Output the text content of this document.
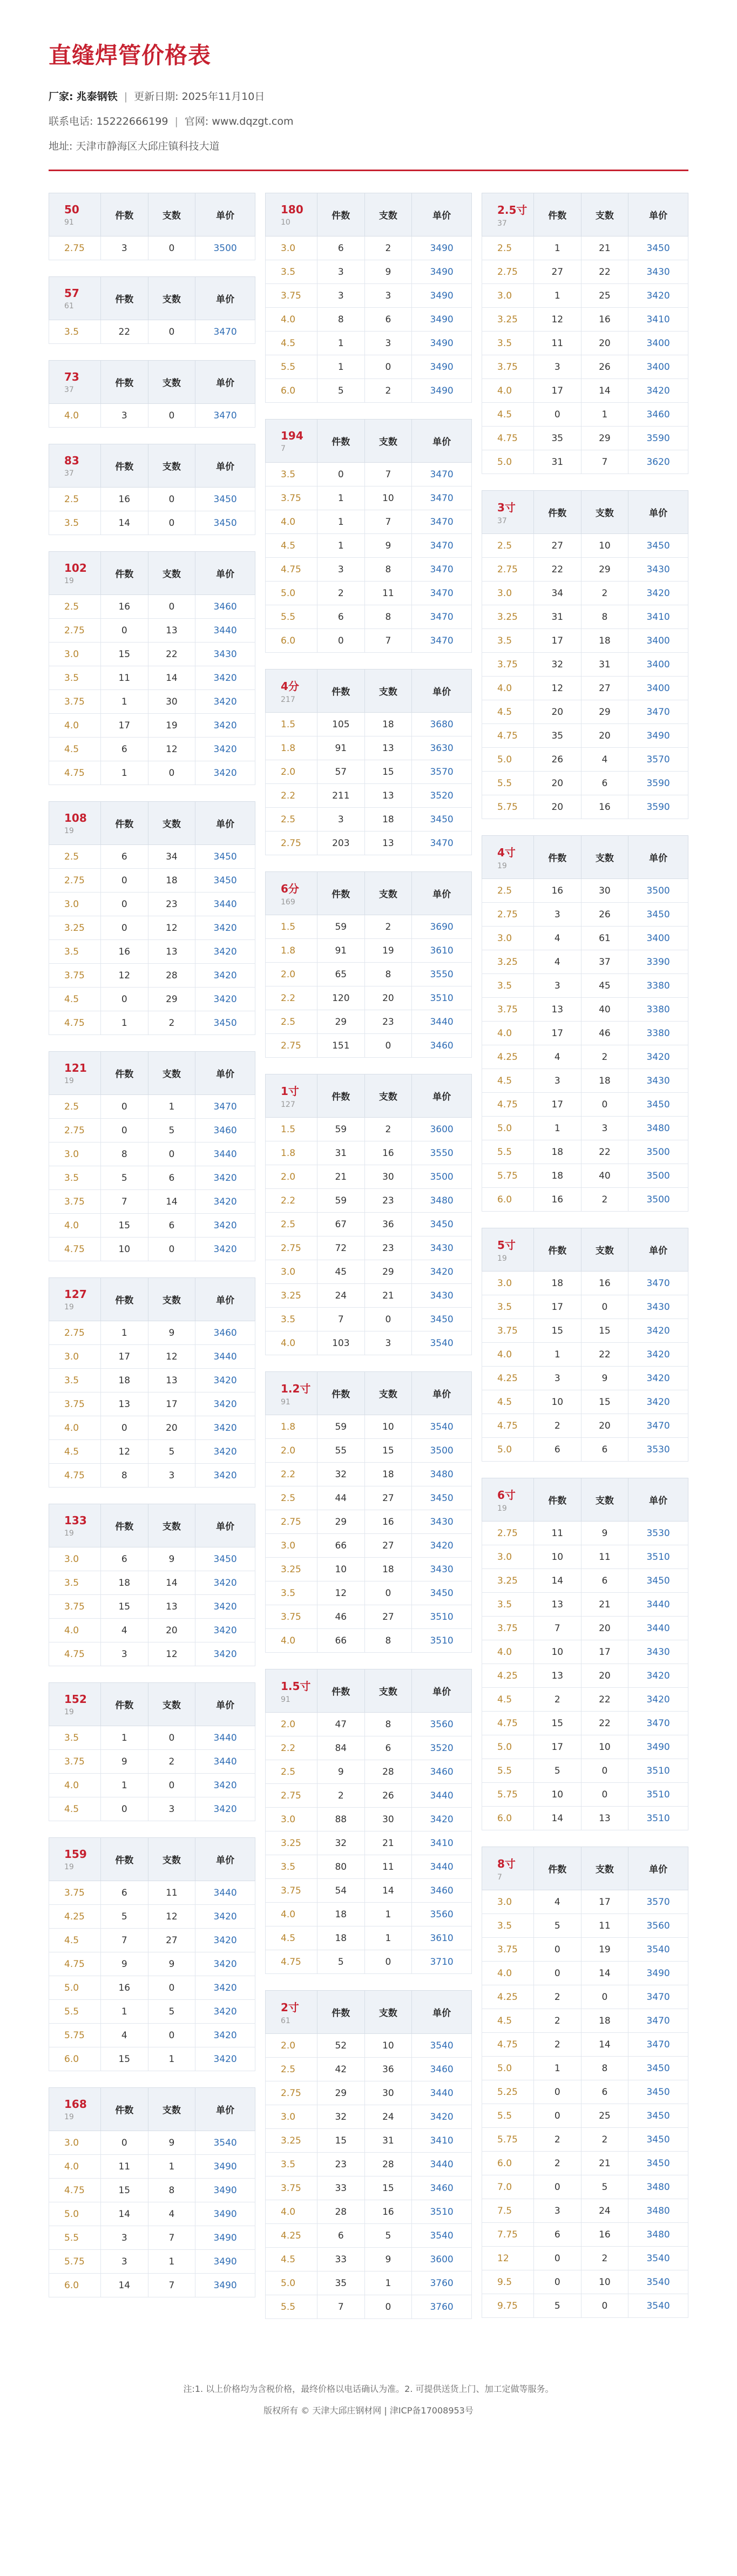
直缝焊管价格表
厂家: 兆泰钢铁 | 更新日期: 2025年11月10日
联系电话: 15222666199 | 官网: www.dqzgt.com
地址: 天津市静海区大邱庄镇科技大道
50
91	件数	支数	单价
2.75	3	0	3500
57
61	件数	支数	单价
3.5	22	0	3470
73
37	件数	支数	单价
4.0	3	0	3470
83
37	件数	支数	单价
2.5	16	0	3450
3.5	14	0	3450
102
19	件数	支数	单价
2.5	16	0	3460
2.75	0	13	3440
3.0	15	22	3430
3.5	11	14	3420
3.75	1	30	3420
4.0	17	19	3420
4.5	6	12	3420
4.75	1	0	3420
108
19	件数	支数	单价
2.5	6	34	3450
2.75	0	18	3450
3.0	0	23	3440
3.25	0	12	3420
3.5	16	13	3420
3.75	12	28	3420
4.5	0	29	3420
4.75	1	2	3450
121
19	件数	支数	单价
2.5	0	1	3470
2.75	0	5	3460
3.0	8	0	3440
3.5	5	6	3420
3.75	7	14	3420
4.0	15	6	3420
4.75	10	0	3420
127
19	件数	支数	单价
2.75	1	9	3460
3.0	17	12	3440
3.5	18	13	3420
3.75	13	17	3420
4.0	0	20	3420
4.5	12	5	3420
4.75	8	3	3420
133
19	件数	支数	单价
3.0	6	9	3450
3.5	18	14	3420
3.75	15	13	3420
4.0	4	20	3420
4.75	3	12	3420
152
19	件数	支数	单价
3.5	1	0	3440
3.75	9	2	3440
4.0	1	0	3420
4.5	0	3	3420
159
19	件数	支数	单价
3.75	6	11	3440
4.25	5	12	3420
4.5	7	27	3420
4.75	9	9	3420
5.0	16	0	3420
5.5	1	5	3420
5.75	4	0	3420
6.0	15	1	3420
168
19	件数	支数	单价
3.0	0	9	3540
4.0	11	1	3490
4.75	15	8	3490
5.0	14	4	3490
5.5	3	7	3490
5.75	3	1	3490
6.0	14	7	3490
180
10	件数	支数	单价
3.0	6	2	3490
3.5	3	9	3490
3.75	3	3	3490
4.0	8	6	3490
4.5	1	3	3490
5.5	1	0	3490
6.0	5	2	3490
194
7	件数	支数	单价
3.5	0	7	3470
3.75	1	10	3470
4.0	1	7	3470
4.5	1	9	3470
4.75	3	8	3470
5.0	2	11	3470
5.5	6	8	3470
6.0	0	7	3470
4分
217	件数	支数	单价
1.5	105	18	3680
1.8	91	13	3630
2.0	57	15	3570
2.2	211	13	3520
2.5	3	18	3450
2.75	203	13	3470
6分
169	件数	支数	单价
1.5	59	2	3690
1.8	91	19	3610
2.0	65	8	3550
2.2	120	20	3510
2.5	29	23	3440
2.75	151	0	3460
1寸
127	件数	支数	单价
1.5	59	2	3600
1.8	31	16	3550
2.0	21	30	3500
2.2	59	23	3480
2.5	67	36	3450
2.75	72	23	3430
3.0	45	29	3420
3.25	24	21	3430
3.5	7	0	3450
4.0	103	3	3540
1.2寸
91	件数	支数	单价
1.8	59	10	3540
2.0	55	15	3500
2.2	32	18	3480
2.5	44	27	3450
2.75	29	16	3430
3.0	66	27	3420
3.25	10	18	3430
3.5	12	0	3450
3.75	46	27	3510
4.0	66	8	3510
1.5寸
91	件数	支数	单价
2.0	47	8	3560
2.2	84	6	3520
2.5	9	28	3460
2.75	2	26	3440
3.0	88	30	3420
3.25	32	21	3410
3.5	80	11	3440
3.75	54	14	3460
4.0	18	1	3560
4.5	18	1	3610
4.75	5	0	3710
2寸
61	件数	支数	单价
2.0	52	10	3540
2.5	42	36	3460
2.75	29	30	3440
3.0	32	24	3420
3.25	15	31	3410
3.5	23	28	3440
3.75	33	15	3460
4.0	28	16	3510
4.25	6	5	3540
4.5	33	9	3600
5.0	35	1	3760
5.5	7	0	3760
2.5寸
37	件数	支数	单价
2.5	1	21	3450
2.75	27	22	3430
3.0	1	25	3420
3.25	12	16	3410
3.5	11	20	3400
3.75	3	26	3400
4.0	17	14	3420
4.5	0	1	3460
4.75	35	29	3590
5.0	31	7	3620
3寸
37	件数	支数	单价
2.5	27	10	3450
2.75	22	29	3430
3.0	34	2	3420
3.25	31	8	3410
3.5	17	18	3400
3.75	32	31	3400
4.0	12	27	3400
4.5	20	29	3470
4.75	35	20	3490
5.0	26	4	3570
5.5	20	6	3590
5.75	20	16	3590
4寸
19	件数	支数	单价
2.5	16	30	3500
2.75	3	26	3450
3.0	4	61	3400
3.25	4	37	3390
3.5	3	45	3380
3.75	13	40	3380
4.0	17	46	3380
4.25	4	2	3420
4.5	3	18	3430
4.75	17	0	3450
5.0	1	3	3480
5.5	18	22	3500
5.75	18	40	3500
6.0	16	2	3500
5寸
19	件数	支数	单价
3.0	18	16	3470
3.5	17	0	3430
3.75	15	15	3420
4.0	1	22	3420
4.25	3	9	3420
4.5	10	15	3420
4.75	2	20	3470
5.0	6	6	3530
6寸
19	件数	支数	单价
2.75	11	9	3530
3.0	10	11	3510
3.25	14	6	3450
3.5	13	21	3440
3.75	7	20	3440
4.0	10	17	3430
4.25	13	20	3420
4.5	2	22	3420
4.75	15	22	3470
5.0	17	10	3490
5.5	5	0	3510
5.75	10	0	3510
6.0	14	13	3510
8寸
7	件数	支数	单价
3.0	4	17	3570
3.5	5	11	3560
3.75	0	19	3540
4.0	0	14	3490
4.25	2	0	3470
4.5	2	18	3470
4.75	2	14	3470
5.0	1	8	3450
5.25	0	6	3450
5.5	0	25	3450
5.75	2	2	3450
6.0	2	21	3450
7.0	0	5	3480
7.5	3	24	3480
7.75	6	16	3480
12	0	2	3540
9.5	0	10	3540
9.75	5	0	3540
注:1. 以上价格均为含税价格，最终价格以电话确认为准。2. 可提供送货上门、加工定做等服务。
版权所有 © 天津大邱庄钢材网 | 津ICP备17008953号
